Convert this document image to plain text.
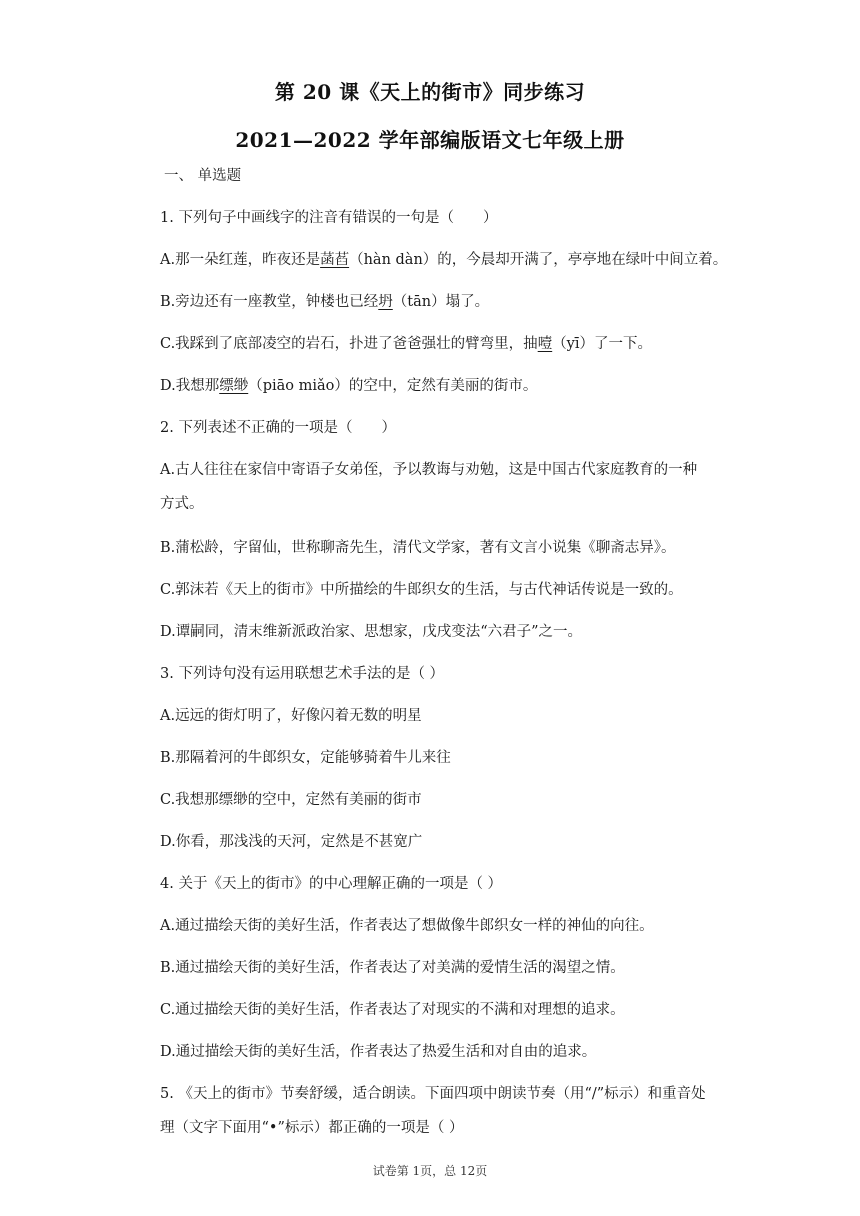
第 20 课《天上的街市》同步练习
2021—2022 学年部编版语文七年级上册
一、 单选题
1. 下列句子中画线字的注音有错误的一句是（　　）
A.那一朵红莲，昨夜还是菡萏（hàn dàn）的，今晨却开满了，亭亭地在绿叶中间立着。
B.旁边还有一座教堂，钟楼也已经坍（tān）塌了。
C.我踩到了底部凌空的岩石，扑进了爸爸强壮的臂弯里，抽噎（yī）了一下。
D.我想那缥缈（piāo miǎo）的空中，定然有美丽的街市。
2. 下列表述不正确的一项是（　　）
A.古人往往在家信中寄语子女弟侄，予以教诲与劝勉，这是中国古代家庭教育的一种
方式。
B.蒲松龄，字留仙，世称聊斋先生，清代文学家，著有文言小说集《聊斋志异》。
C.郭沫若《天上的街市》中所描绘的牛郎织女的生活，与古代神话传说是一致的。
D.谭嗣同，清末维新派政治家、思想家，戊戌变法“六君子”之一。
3. 下列诗句没有运用联想艺术手法的是（ ）
A.远远的街灯明了，好像闪着无数的明星
B.那隔着河的牛郎织女，定能够骑着牛儿来往
C.我想那缥缈的空中，定然有美丽的街市
D.你看，那浅浅的天河，定然是不甚宽广
4. 关于《天上的街市》的中心理解正确的一项是（ ）
A.通过描绘天街的美好生活，作者表达了想做像牛郎织女一样的神仙的向往。
B.通过描绘天街的美好生活，作者表达了对美满的爱情生活的渴望之情。
C.通过描绘天街的美好生活，作者表达了对现实的不满和对理想的追求。
D.通过描绘天街的美好生活，作者表达了热爱生活和对自由的追求。
5. 《天上的街市》节奏舒缓，适合朗读。下面四项中朗读节奏（用“/”标示）和重音处
理（文字下面用“•”标示）都正确的一项是（ ）
试卷第 1页，总 12页
